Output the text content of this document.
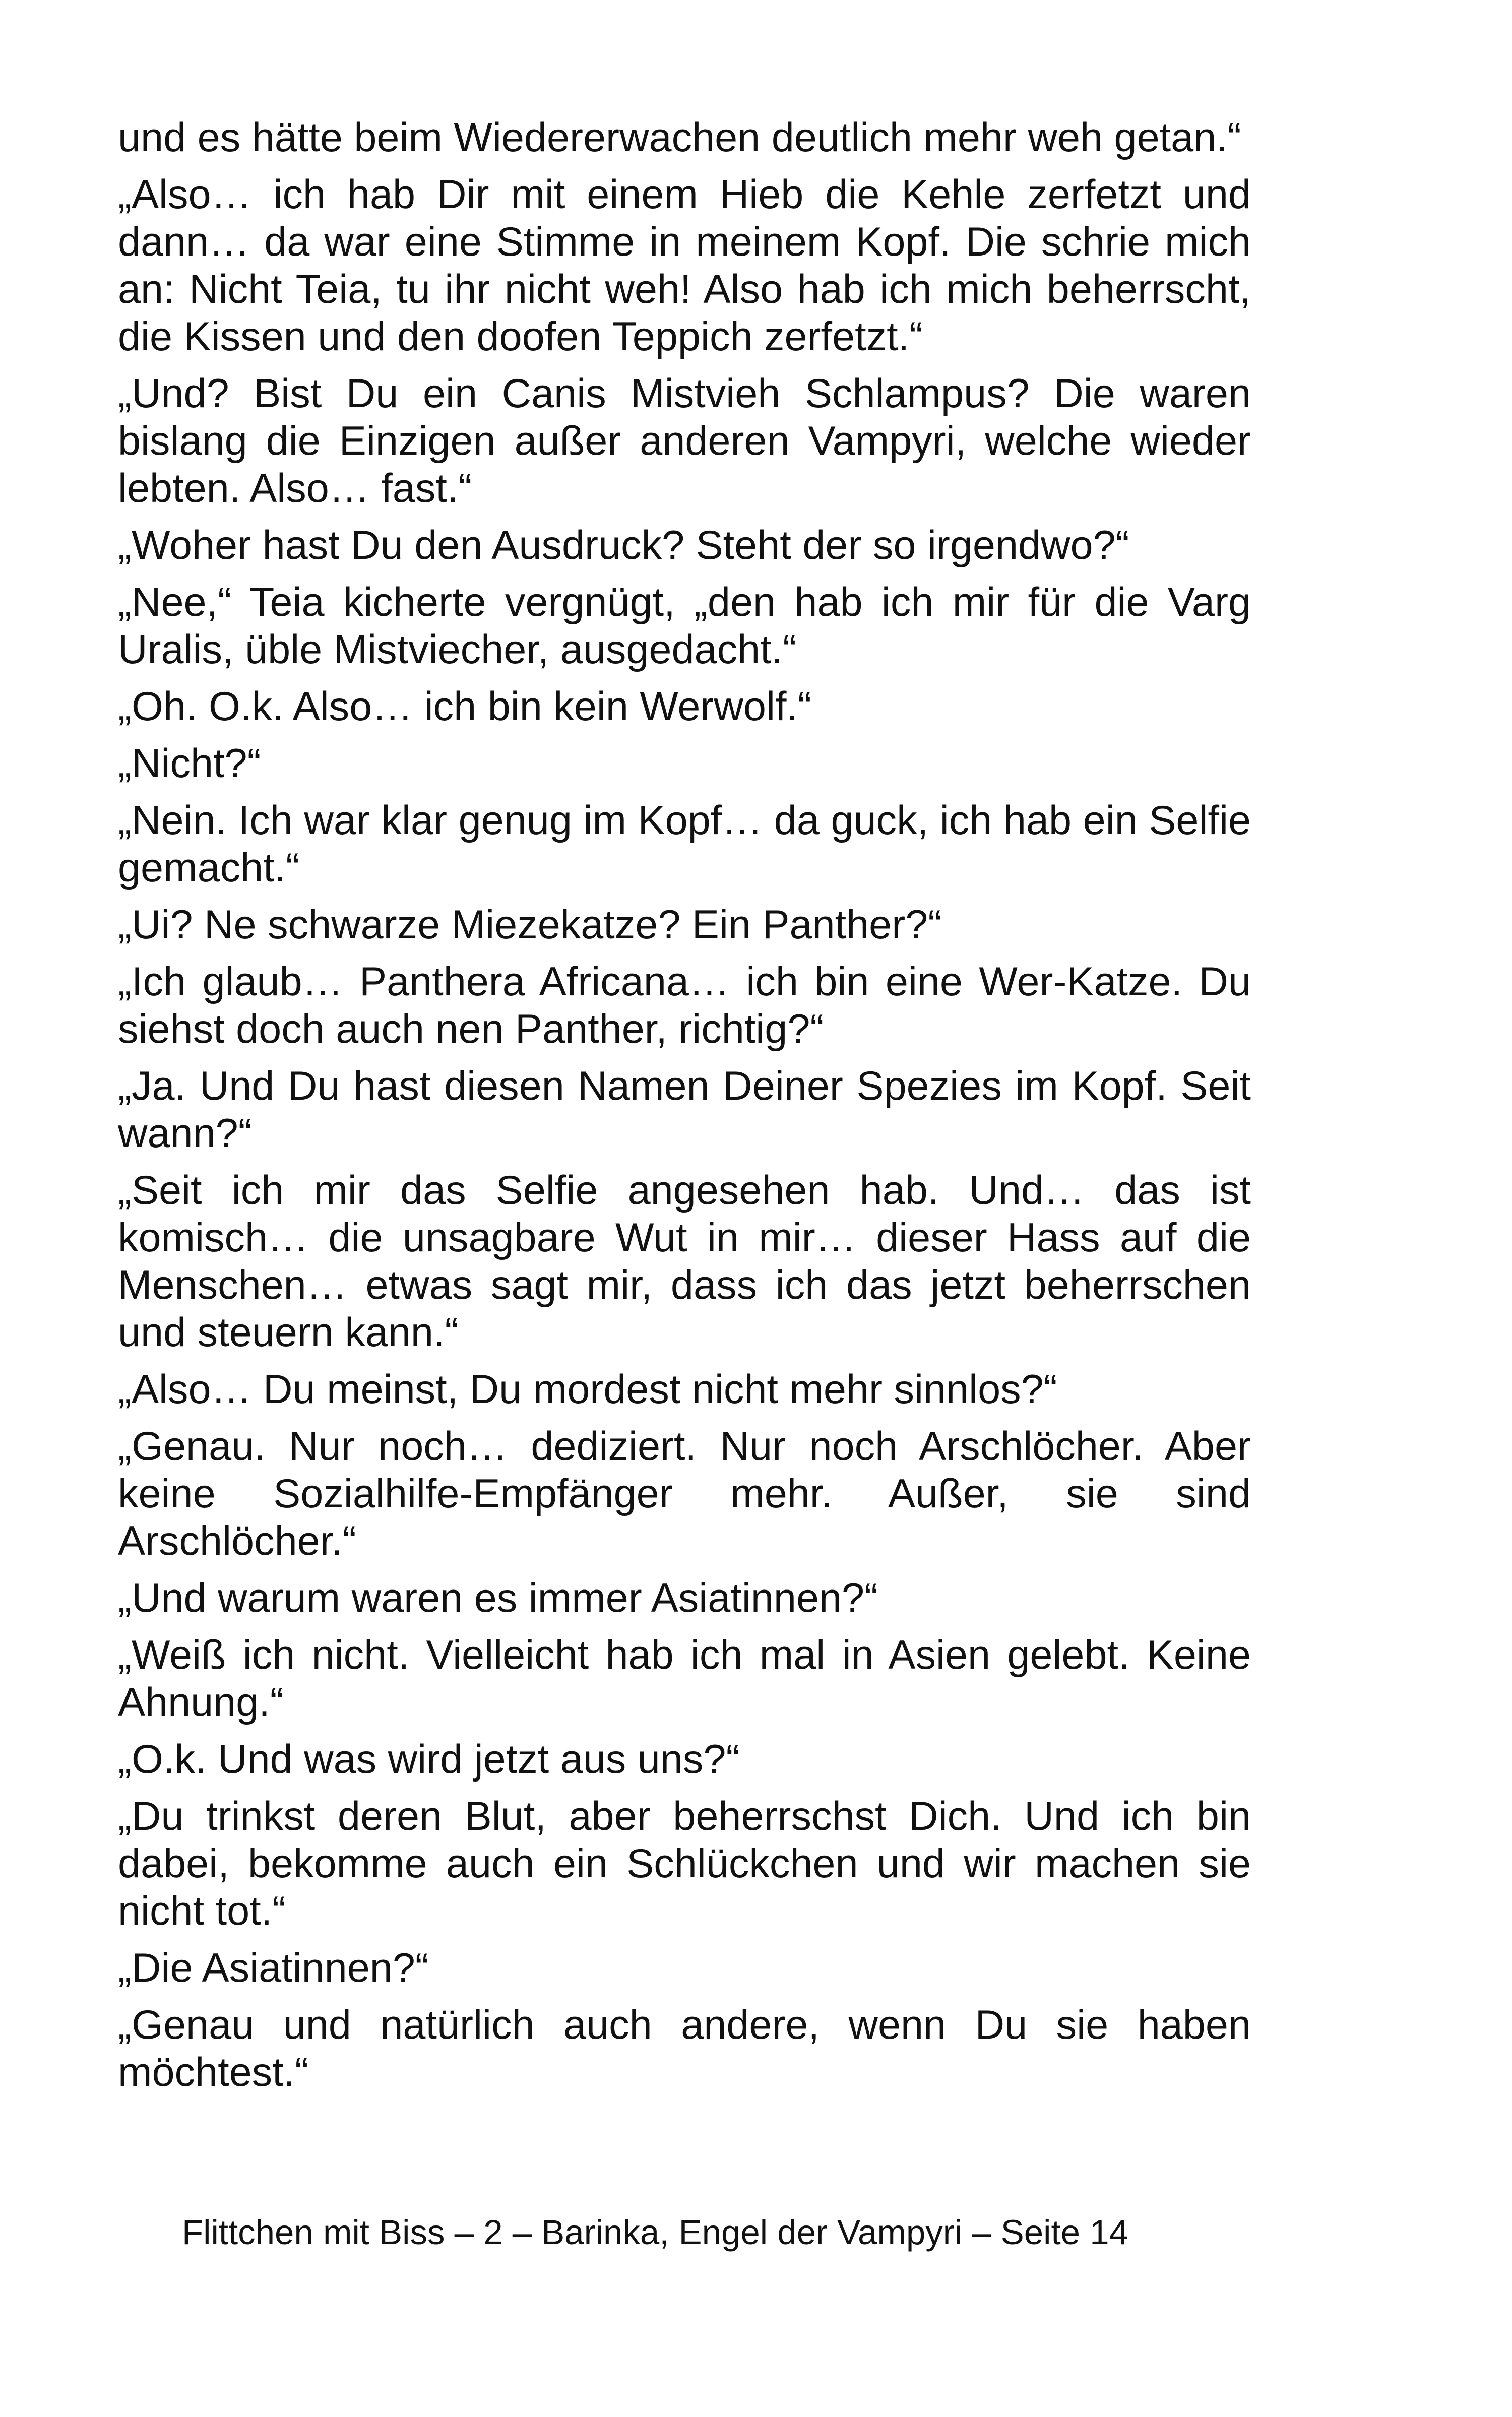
und es hätte beim Wiedererwachen deutlich mehr weh getan.“

„Also… ich hab Dir mit einem Hieb die Kehle zerfetzt und dann… da war eine Stimme in meinem Kopf. Die schrie mich an: Nicht Teia, tu ihr nicht weh! Also hab ich mich beherrscht, die Kissen und den doofen Teppich zerfetzt.“

„Und? Bist Du ein Canis Mistvieh Schlampus? Die waren bislang die Einzigen außer anderen Vampyri, welche wieder lebten. Also… fast.“

„Woher hast Du den Ausdruck? Steht der so irgendwo?“

„Nee,“ Teia kicherte vergnügt, „den hab ich mir für die Varg Uralis, üble Mistviecher, ausgedacht.“

„Oh. O.k. Also… ich bin kein Werwolf.“

„Nicht?“

„Nein. Ich war klar genug im Kopf… da guck, ich hab ein Selfie gemacht.“

„Ui? Ne schwarze Miezekatze? Ein Panther?“

„Ich glaub… Panthera Africana… ich bin eine Wer-Katze. Du siehst doch auch nen Panther, richtig?“

„Ja. Und Du hast diesen Namen Deiner Spezies im Kopf. Seit wann?“

„Seit ich mir das Selfie angesehen hab. Und… das ist komisch… die unsagbare Wut in mir… dieser Hass auf die Menschen… etwas sagt mir, dass ich das jetzt beherrschen und steuern kann.“

„Also… Du meinst, Du mordest nicht mehr sinnlos?“

„Genau. Nur noch… dediziert. Nur noch Arschlöcher. Aber keine Sozialhilfe-Empfänger mehr. Außer, sie sind Arschlöcher.“

„Und warum waren es immer Asiatinnen?“

„Weiß ich nicht. Vielleicht hab ich mal in Asien gelebt. Keine Ahnung.“

„O.k. Und was wird jetzt aus uns?“

„Du trinkst deren Blut, aber beherrschst Dich. Und ich bin dabei, bekomme auch ein Schlückchen und wir machen sie nicht tot.“

„Die Asiatinnen?“

„Genau und natürlich auch andere, wenn Du sie haben möchtest.“

Flittchen mit Biss – 2 – Barinka, Engel der Vampyri – Seite 14
